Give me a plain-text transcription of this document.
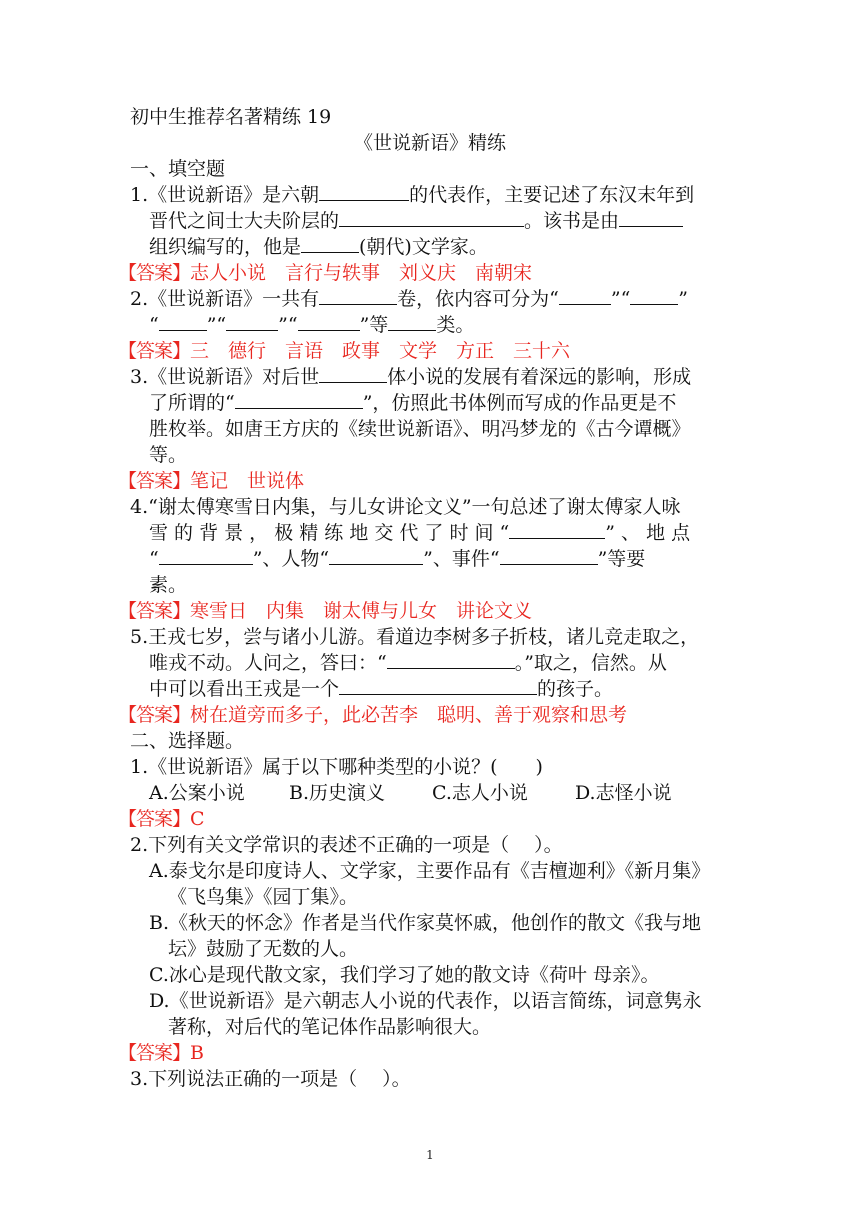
初中生推荐名著精练 19
《世说新语》精练
一、填空题
1.《世说新语》是六朝	的代表作，主要记述了东汉末年到
晋代之间士大夫阶层的	。该书是由
组织编写的，他是	(朝代)文学家。
【答案】志人小说　言行与轶事　刘义庆　南朝宋
2.《世说新语》一共有	卷，依内容可分为“	”“	”
“	”“	”“	”等	类。
【答案】三　德行　言语　政事　文学　方正　三十六
3.《世说新语》对后世	体小说的发展有着深远的影响，形成
了所谓的“	”，仿照此书体例而写成的作品更是不
胜枚举。如唐王方庆的《续世说新语》、明冯梦龙的《古今谭概》
等。
【答案】笔记　世说体
4.“谢太傅寒雪日内集，与儿女讲论文义”一句总述了谢太傅家人咏
雪 的 背 景 ， 极 精 练 地 交 代 了 时 间 “	” 、 地 点
“	”、人物“	”、事件“	”等要
素。
【答案】寒雪日　内集　谢太傅与儿女　讲论文义
5.王戎七岁，尝与诸小儿游。看道边李树多子折枝，诸儿竞走取之，
唯戎不动。人问之，答曰：“	。”取之，信然。从
中可以看出王戎是一个	的孩子。
【答案】树在道旁而多子，此必苦李　聪明、善于观察和思考
二、选择题。
1.《世说新语》属于以下哪种类型的小说？(　　)
A.公案小说 B.历史演义 C.志人小说 D.志怪小说
【答案】C
2.下列有关文学常识的表述不正确的一项是（　 ）。
A.泰戈尔是印度诗人、文学家，主要作品有《吉檀迦利》《新月集》
《飞鸟集》《园丁集》。
B.《秋天的怀念》作者是当代作家莫怀戚，他创作的散文《我与地
坛》鼓励了无数的人。
C.冰心是现代散文家，我们学习了她的散文诗《荷叶 母亲》。
D.《世说新语》是六朝志人小说的代表作，以语言简练，词意隽永
著称，对后代的笔记体作品影响很大。
【答案】B
3.下列说法正确的一项是（　 ）。
1
